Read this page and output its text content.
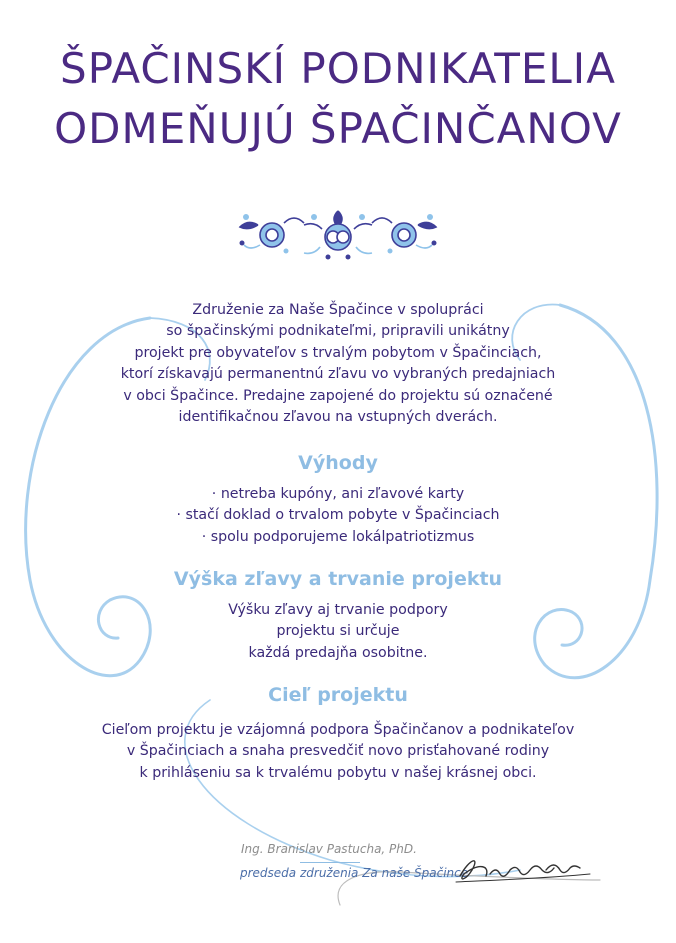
ŠPAČINSKÍ PODNIKATELIA
ODMEŇUJÚ ŠPAČINČANOV
Združenie za Naše Špačince v spolupráci
so špačinskými podnikateľmi, pripravili unikátny
projekt pre obyvateľov s trvalým pobytom v Špačinciach,
ktorí získavajú permanentnú zľavu vo vybraných predajniach
v obci Špačince. Predajne zapojené do projektu sú označené
identifikačnou zľavou na vstupných dverách.
Výhody
· netreba kupóny, ani zľavové karty
· stačí doklad o trvalom pobyte v Špačinciach
· spolu podporujeme lokálpatriotizmus
Výška zľavy a trvanie projektu
Výšku zľavy aj trvanie podpory
projektu si určuje
každá predajňa osobitne.
Cieľ projektu
Cieľom projektu je vzájomná podpora Špačinčanov a podnikateľov
v Špačinciach a snaha presvedčiť novo prisťahované rodiny
k prihláseniu sa k trvalému pobytu v našej krásnej obci.
Ing. Branislav Pastucha, PhD.
predseda združenia Za naše Špačince
